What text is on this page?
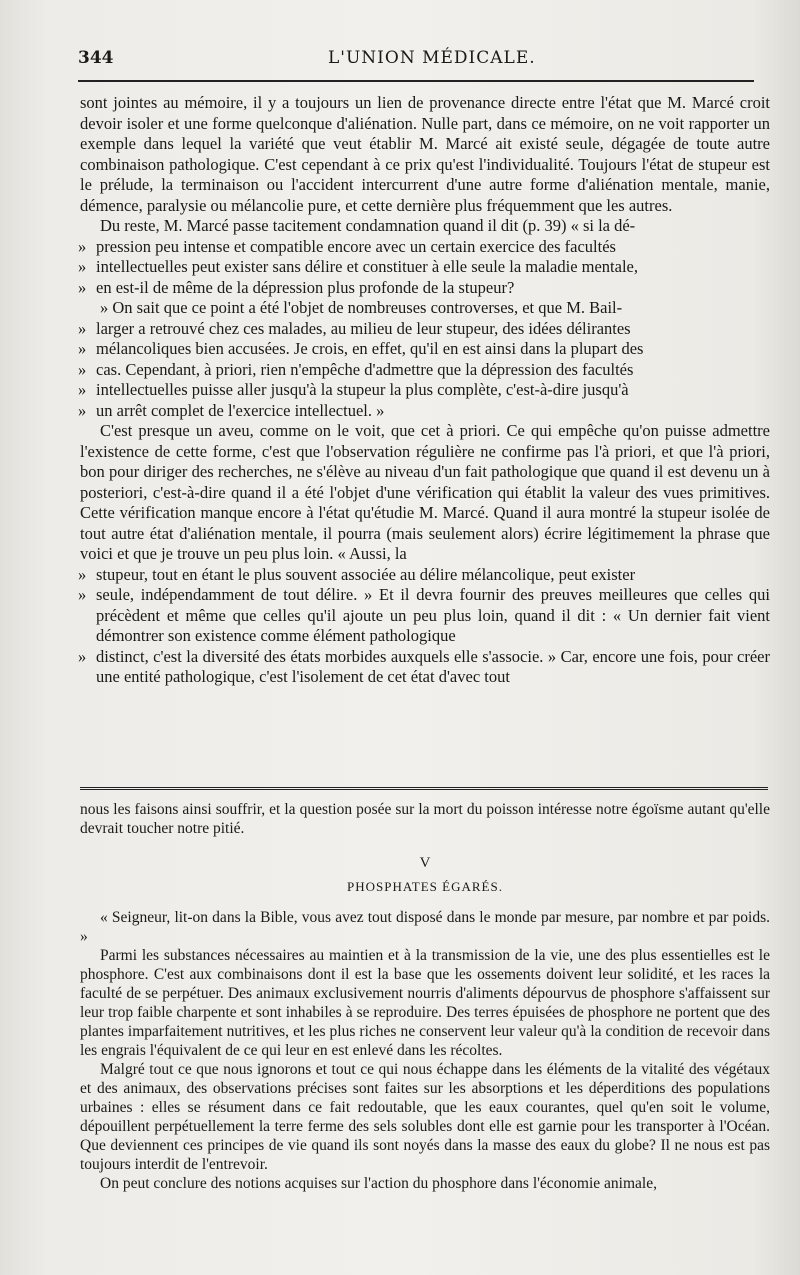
344	L'UNION MÉDICALE.

sont jointes au mémoire, il y a toujours un lien de provenance directe entre l'état que M. Marcé croit devoir isoler et une forme quelconque d'aliénation. Nulle part, dans ce mémoire, on ne voit rapporter un exemple dans lequel la variété que veut établir M. Marcé ait existé seule, dégagée de toute autre combinaison pathologique. C'est cependant à ce prix qu'est l'individualité. Toujours l'état de stupeur est le prélude, la terminaison ou l'accident intercurrent d'une autre forme d'aliénation mentale, manie, démence, paralysie ou mélancolie pure, et cette dernière plus fréquemment que les autres.

Du reste, M. Marcé passe tacitement condamnation quand il dit (p. 39) « si la dé-

» pression peu intense et compatible encore avec un certain exercice des facultés
» intellectuelles peut exister sans délire et constituer à elle seule la maladie mentale,
» en est-il de même de la dépression plus profonde de la stupeur?

» On sait que ce point a été l'objet de nombreuses controverses, et que M. Bail-

» larger a retrouvé chez ces malades, au milieu de leur stupeur, des idées délirantes
» mélancoliques bien accusées. Je crois, en effet, qu'il en est ainsi dans la plupart des
» cas. Cependant, à priori, rien n'empêche d'admettre que la dépression des facultés
» intellectuelles puisse aller jusqu'à la stupeur la plus complète, c'est-à-dire jusqu'à
» un arrêt complet de l'exercice intellectuel. »

C'est presque un aveu, comme on le voit, que cet à priori. Ce qui empêche qu'on puisse admettre l'existence de cette forme, c'est que l'observation régulière ne confirme pas l'à priori, et que l'à priori, bon pour diriger des recherches, ne s'élève au niveau d'un fait pathologique que quand il est devenu un à posteriori, c'est-à-dire quand il a été l'objet d'une vérification qui établit la valeur des vues primitives. Cette vérification manque encore à l'état qu'étudie M. Marcé. Quand il aura montré la stupeur isolée de tout autre état d'aliénation mentale, il pourra (mais seulement alors) écrire légitimement la phrase que voici et que je trouve un peu plus loin. « Aussi, la

» stupeur, tout en étant le plus souvent associée au délire mélancolique, peut exister
» seule, indépendamment de tout délire. » Et il devra fournir des preuves meilleures que celles qui précèdent et même que celles qu'il ajoute un peu plus loin, quand il dit : « Un dernier fait vient démontrer son existence comme élément pathologique
» distinct, c'est la diversité des états morbides auxquels elle s'associe. » Car, encore une fois, pour créer une entité pathologique, c'est l'isolement de cet état d'avec tout

nous les faisons ainsi souffrir, et la question posée sur la mort du poisson intéresse notre égoïsme autant qu'elle devrait toucher notre pitié.

V

PHOSPHATES ÉGARÉS.

« Seigneur, lit-on dans la Bible, vous avez tout disposé dans le monde par mesure, par nombre et par poids. »

Parmi les substances nécessaires au maintien et à la transmission de la vie, une des plus essentielles est le phosphore. C'est aux combinaisons dont il est la base que les ossements doivent leur solidité, et les races la faculté de se perpétuer. Des animaux exclusivement nourris d'aliments dépourvus de phosphore s'affaissent sur leur trop faible charpente et sont inhabiles à se reproduire. Des terres épuisées de phosphore ne portent que des plantes imparfaitement nutritives, et les plus riches ne conservent leur valeur qu'à la condition de recevoir dans les engrais l'équivalent de ce qui leur en est enlevé dans les récoltes.

Malgré tout ce que nous ignorons et tout ce qui nous échappe dans les éléments de la vitalité des végétaux et des animaux, des observations précises sont faites sur les absorptions et les déperditions des populations urbaines : elles se résument dans ce fait redoutable, que les eaux courantes, quel qu'en soit le volume, dépouillent perpétuellement la terre ferme des sels solubles dont elle est garnie pour les transporter à l'Océan. Que deviennent ces principes de vie quand ils sont noyés dans la masse des eaux du globe? Il ne nous est pas toujours interdit de l'entrevoir.

On peut conclure des notions acquises sur l'action du phosphore dans l'économie animale,
